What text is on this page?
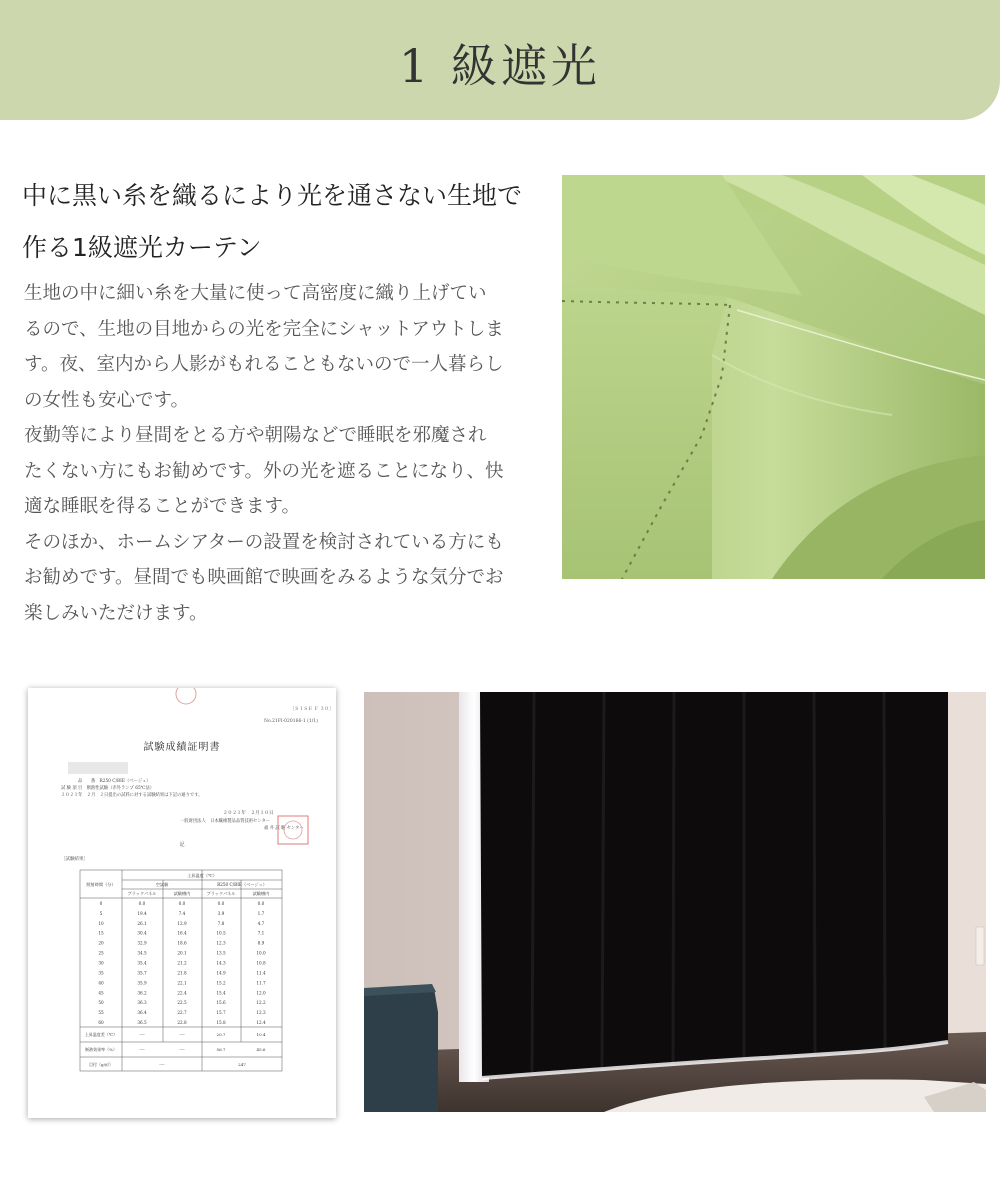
1 級遮光
中に黒い糸を織るにより光を通さない生地で
作る1級遮光カーテン

生地の中に細い糸を大量に使って高密度に織り上げてい

るので、生地の目地からの光を完全にシャットアウトしま

す。夜、室内から人影がもれることもないので一人暮らし

の女性も安心です。

夜勤等により昼間をとる方や朝陽などで睡眠を邪魔され

たくない方にもお勧めです。外の光を遮ることになり、快

適な睡眠を得ることができます。

そのほか、ホームシアターの設置を検討されている方にも

お勧めです。昼間でも映画館で映画をみるような気分でお

楽しみいただけます。

［ＳＩＳＥ Ｆ ３０］
No.21FI-020166-1 (1/1)
試験成績証明書
品　　番　R250 C/BIE（ベージュ）
試 験 項 目　断熱性試験（赤外ランプ 65℃法）
２０２１年　２月　２日提出の試料に対する試験結果は下記の通りです。
２０２１年　２月１０日
一般財団法人　日本繊維製品品質技術センター
福 井 試 験 センター
記
［試験結果］
上昇温度（℃）
照射時間（分）	空試験	R250 C/BIE（ベージュ）
ブラックパネル	試験槽内	ブラックパネル	試験槽内
0	0.0	0.0	0.0	0.0
5	19.4	7.4	3.9	1.7
10	26.1	12.9	7.8	4.7
15	30.4	16.4	10.5	7.1
20	32.9	18.6	12.3	8.9
25	34.5	20.1	13.5	10.0
30	35.4	21.2	14.3	10.8
35	35.7	21.8	14.9	11.4
40	35.9	22.1	15.2	11.7
45	36.2	22.4	15.4	12.0
50	36.3	22.5	15.6	12.2
55	36.4	22.7	15.7	12.3
60	36.5	22.8	15.8	12.4
上昇温度差（℃）	----	----	20.7	10.4
断熱効果率（%）	----	----	56.7	45.6
目付（g/㎡）	----	247
